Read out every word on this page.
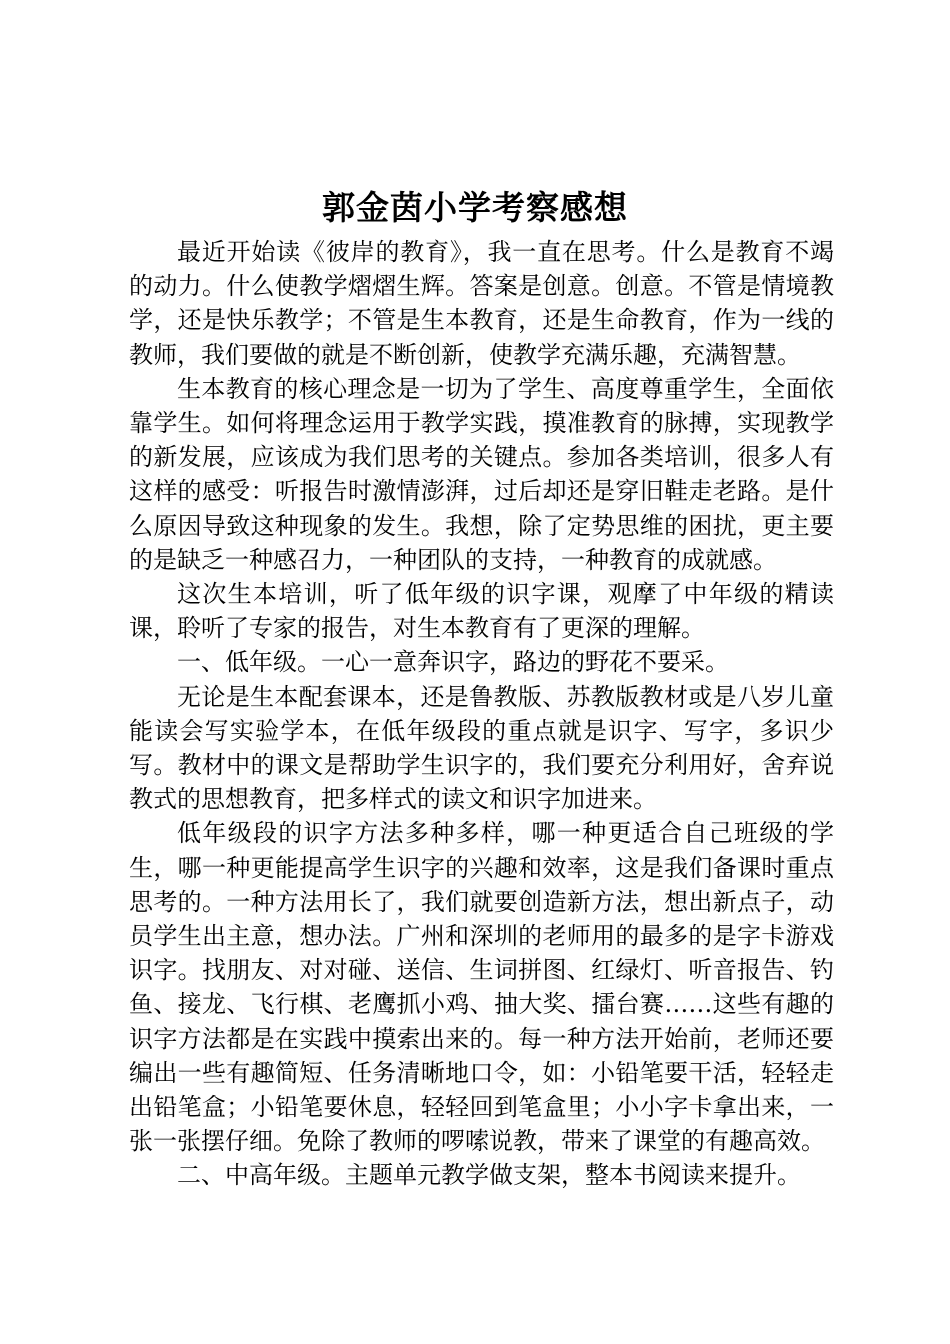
郭金茵小学考察感想

最近开始读《彼岸的教育》，我一直在思考。什么是教育不竭的动力。什么使教学熠熠生辉。答案是创意。创意。不管是情境教学，还是快乐教学；不管是生本教育，还是生命教育，作为一线的教师，我们要做的就是不断创新，使教学充满乐趣，充满智慧。

生本教育的核心理念是一切为了学生、高度尊重学生，全面依靠学生。如何将理念运用于教学实践，摸准教育的脉搏，实现教学的新发展，应该成为我们思考的关键点。参加各类培训，很多人有这样的感受：听报告时激情澎湃，过后却还是穿旧鞋走老路。是什么原因导致这种现象的发生。我想，除了定势思维的困扰，更主要的是缺乏一种感召力，一种团队的支持，一种教育的成就感。

这次生本培训，听了低年级的识字课，观摩了中年级的精读课，聆听了专家的报告，对生本教育有了更深的理解。

一、低年级。一心一意奔识字，路边的野花不要采。

无论是生本配套课本，还是鲁教版、苏教版教材或是八岁儿童能读会写实验学本，在低年级段的重点就是识字、写字，多识少写。教材中的课文是帮助学生识字的，我们要充分利用好，舍弃说教式的思想教育，把多样式的读文和识字加进来。

低年级段的识字方法多种多样，哪一种更适合自己班级的学生，哪一种更能提高学生识字的兴趣和效率，这是我们备课时重点思考的。一种方法用长了，我们就要创造新方法，想出新点子，动员学生出主意，想办法。广州和深圳的老师用的最多的是字卡游戏识字。找朋友、对对碰、送信、生词拼图、红绿灯、听音报告、钓鱼、接龙、飞行棋、老鹰抓小鸡、抽大奖、擂台赛……这些有趣的识字方法都是在实践中摸索出来的。每一种方法开始前，老师还要编出一些有趣简短、任务清晰地口令，如：小铅笔要干活，轻轻走出铅笔盒；小铅笔要休息，轻轻回到笔盒里；小小字卡拿出来，一张一张摆仔细。免除了教师的啰嗦说教，带来了课堂的有趣高效。

二、中高年级。主题单元教学做支架，整本书阅读来提升。
